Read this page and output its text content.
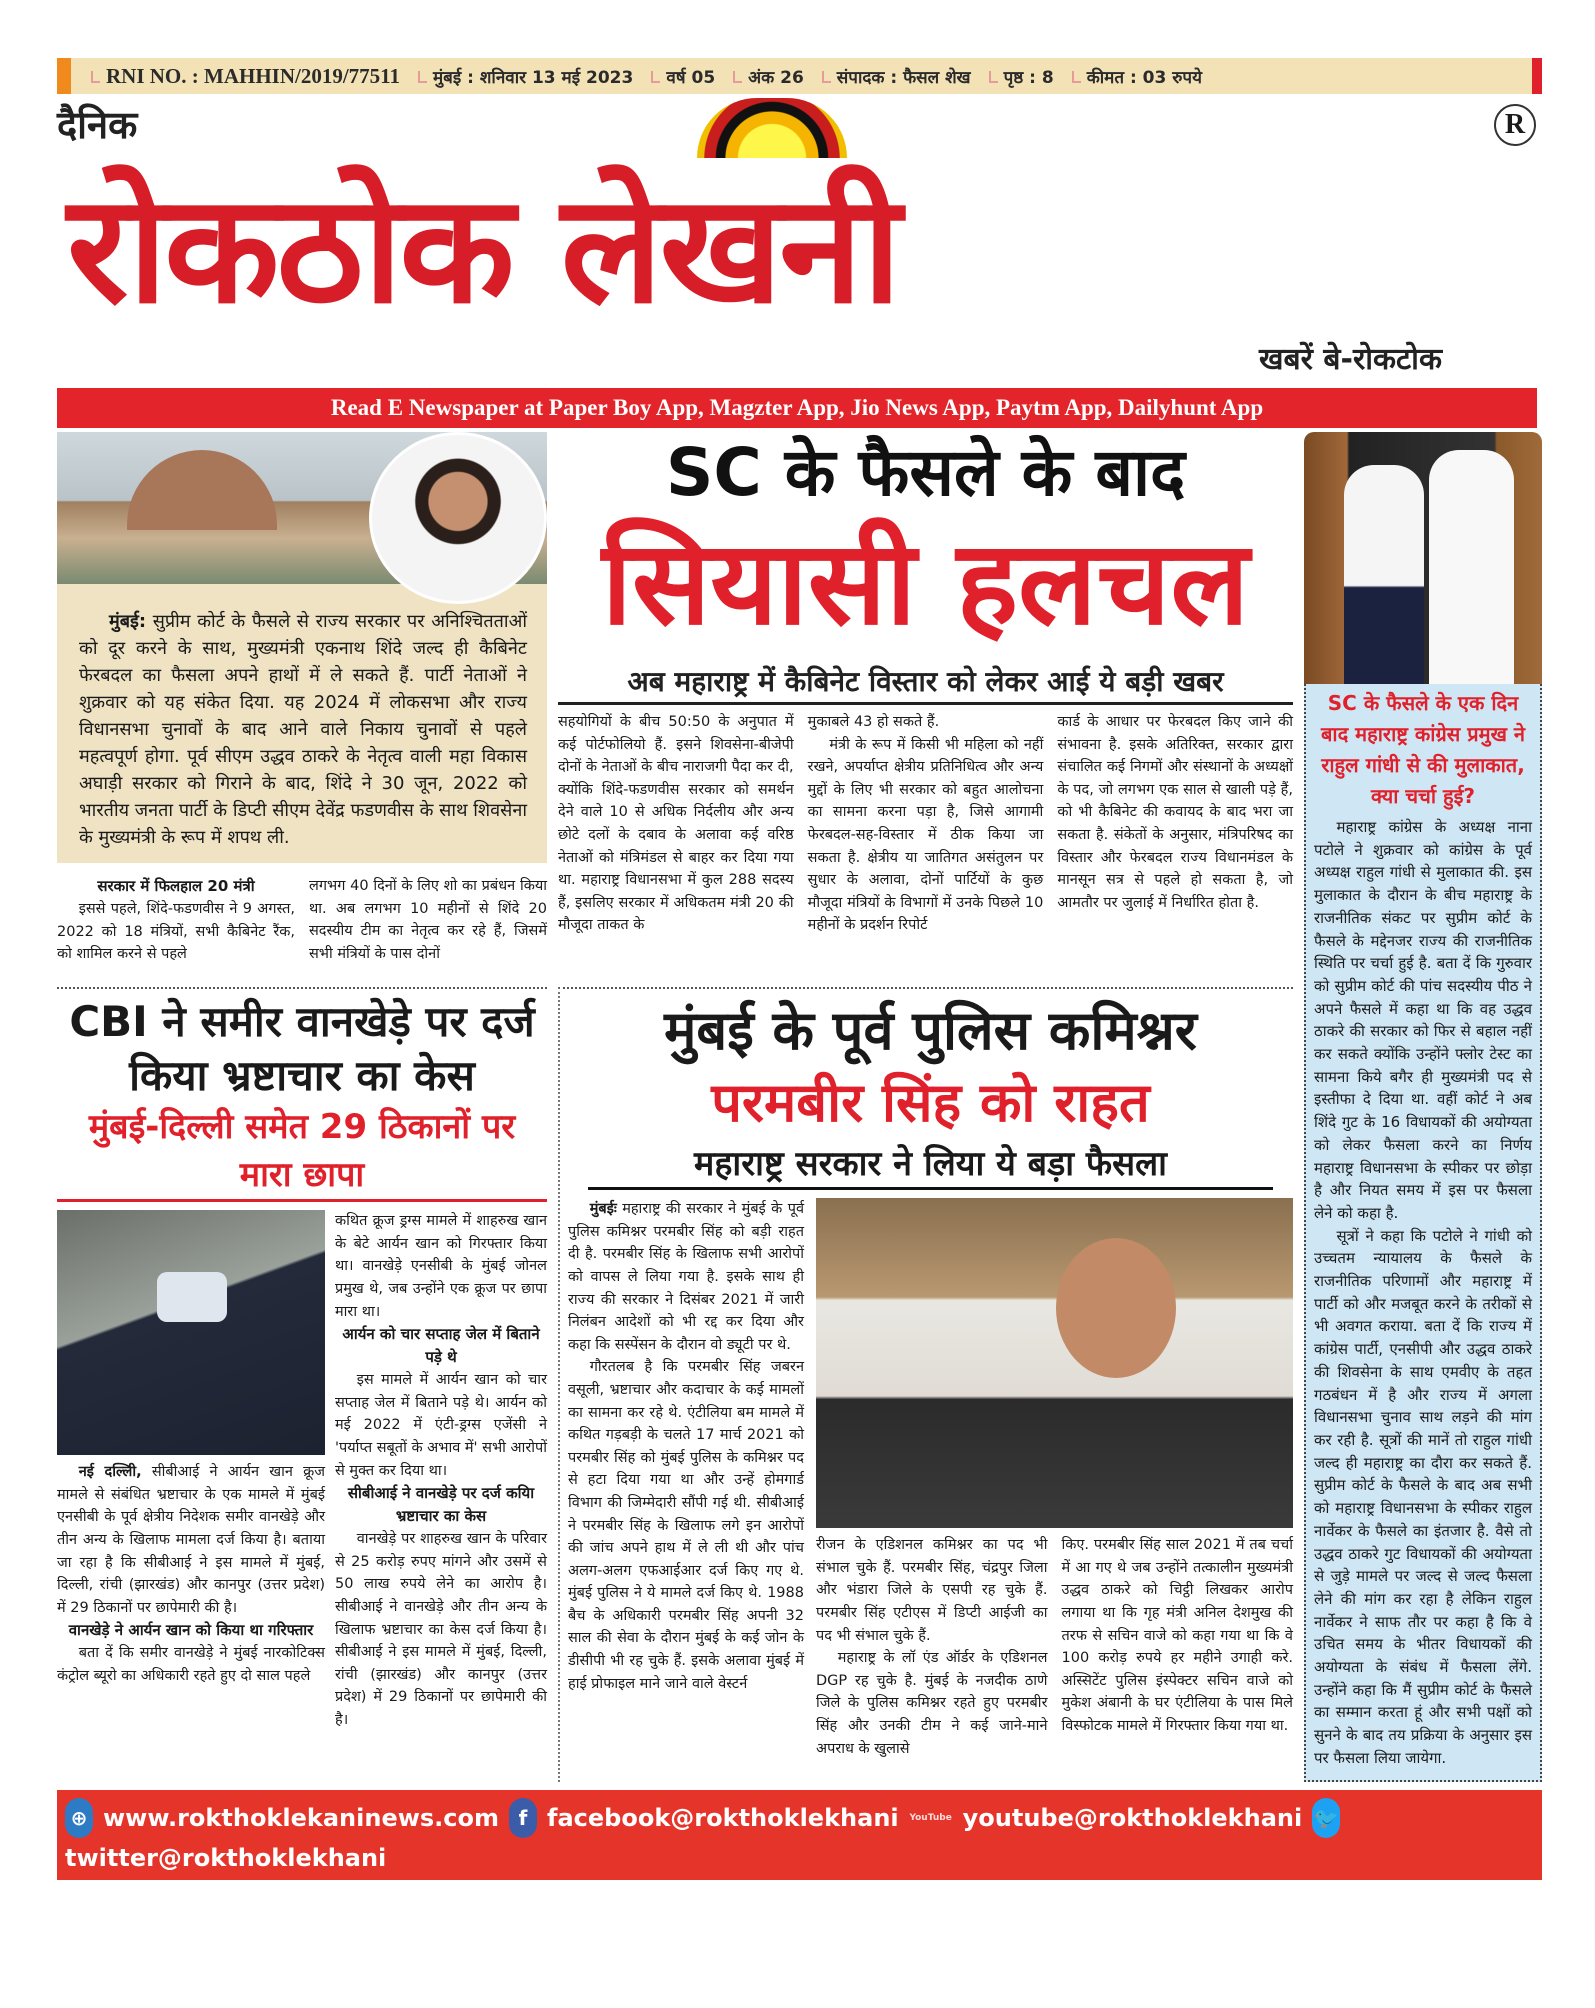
RNI NO. : MAHHIN/2019/77511	मुंबई : शनिवार 13 मई 2023	वर्ष 05	अंक 26	संपादक : फैसल शेख	पृष्ठ : 8	कीमत : 03 रुपये
दैनिक	R
रोकठोक लेखनी
खबरें बे-रोकटोक
Read E Newspaper at Paper Boy App, Magzter App, Jio News App, Paytm App, Dailyhunt App
मुंबई: सुप्रीम कोर्ट के फैसले से राज्य सरकार पर अनिश्चितताओं को दूर करने के साथ, मुख्यमंत्री एकनाथ शिंदे जल्द ही कैबिनेट फेरबदल का फैसला अपने हाथों में ले सकते हैं. पार्टी नेताओं ने शुक्रवार को यह संकेत दिया. यह 2024 में लोकसभा और राज्य विधानसभा चुनावों के बाद आने वाले निकाय चुनावों से पहले महत्वपूर्ण होगा. पूर्व सीएम उद्धव ठाकरे के नेतृत्व वाली महा विकास अघाड़ी सरकार को गिराने के बाद, शिंदे ने 30 जून, 2022 को भारतीय जनता पार्टी के डिप्टी सीएम देवेंद्र फडणवीस के साथ शिवसेना के मुख्यमंत्री के रूप में शपथ ली.
सरकार में फिलहाल 20 मंत्री

इससे पहले, शिंदे-फडणवीस ने 9 अगस्त, 2022 को 18 मंत्रियों, सभी कैबिनेट रैंक, को शामिल करने से पहले

लगभग 40 दिनों के लिए शो का प्रबंधन किया था. अब लगभग 10 महीनों से शिंदे 20 सदस्यीय टीम का नेतृत्व कर रहे हैं, जिसमें सभी मंत्रियों के पास दोनों

SC के फैसले के बाद
सियासी हलचल
अब महाराष्ट्र में कैबिनेट विस्तार को लेकर आई ये बड़ी खबर

सहयोगियों के बीच 50:50 के अनुपात में कई पोर्टफोलियो हैं. इसने शिवसेना-बीजेपी दोनों के नेताओं के बीच नाराजगी पैदा कर दी, क्योंकि शिंदे-फडणवीस सरकार को समर्थन देने वाले 10 से अधिक निर्दलीय और अन्य छोटे दलों के दबाव के अलावा कई वरिष्ठ नेताओं को मंत्रिमंडल से बाहर कर दिया गया था. महाराष्ट्र विधानसभा में कुल 288 सदस्य हैं, इसलिए सरकार में अधिकतम मंत्री 20 की मौजूदा ताकत के

मुकाबले 43 हो सकते हैं.

मंत्री के रूप में किसी भी महिला को नहीं रखने, अपर्याप्त क्षेत्रीय प्रतिनिधित्व और अन्य मुद्दों के लिए भी सरकार को बहुत आलोचना का सामना करना पड़ा है, जिसे आगामी फेरबदल-सह-विस्तार में ठीक किया जा सकता है. क्षेत्रीय या जातिगत असंतुलन पर सुधार के अलावा, दोनों पार्टियों के कुछ मौजूदा मंत्रियों के विभागों में उनके पिछले 10 महीनों के प्रदर्शन रिपोर्ट

कार्ड के आधार पर फेरबदल किए जाने की संभावना है. इसके अतिरिक्त, सरकार द्वारा संचालित कई निगमों और संस्थानों के अध्यक्षों के पद, जो लगभग एक साल से खाली पड़े हैं, को भी कैबिनेट की कवायद के बाद भरा जा सकता है. संकेतों के अनुसार, मंत्रिपरिषद का विस्तार और फेरबदल राज्य विधानमंडल के मानसून सत्र से पहले हो सकता है, जो आमतौर पर जुलाई में निर्धारित होता है.

CBI ने समीर वानखेड़े पर दर्ज किया भ्रष्टाचार का केस
मुंबई-दिल्ली समेत 29 ठिकानों पर मारा छापा

नई दल्लिी, सीबीआई ने आर्यन खान क्रूज मामले से संबंधित भ्रष्टाचार के एक मामले में मुंबई एनसीबी के पूर्व क्षेत्रीय निदेशक समीर वानखेड़े और तीन अन्य के खिलाफ मामला दर्ज किया है। बताया जा रहा है कि सीबीआई ने इस मामले में मुंबई, दिल्ली, रांची (झारखंड) और कानपुर (उत्तर प्रदेश) में 29 ठिकानों पर छापेमारी की है।

वानखेड़े ने आर्यन खान को किया था गरिफ्तार

बता दें कि समीर वानखेड़े ने मुंबई नारकोटिक्स कंट्रोल ब्यूरो का अधिकारी रहते हुए दो साल पहले

कथित क्रूज ड्रग्स मामले में शाहरुख खान के बेटे आर्यन खान को गिरफ्तार किया था। वानखेड़े एनसीबी के मुंबई जोनल प्रमुख थे, जब उन्होंने एक क्रूज पर छापा मारा था।

आर्यन को चार सप्ताह जेल में बिताने पड़े थे

इस मामले में आर्यन खान को चार सप्ताह जेल में बिताने पड़े थे। आर्यन को मई 2022 में एंटी-ड्रग्स एजेंसी ने 'पर्याप्त सबूतों के अभाव में' सभी आरोपों से मुक्त कर दिया था।

सीबीआई ने वानखेड़े पर दर्ज कयिा भ्रष्टाचार का केस

वानखेड़े पर शाहरुख खान के परिवार से 25 करोड़ रुपए मांगने और उसमें से 50 लाख रुपये लेने का आरोप है। सीबीआई ने वानखेड़े और तीन अन्य के खिलाफ भ्रष्टाचार का केस दर्ज किया है। सीबीआई ने इस मामले में मुंबई, दिल्ली, रांची (झारखंड) और कानपुर (उत्तर प्रदेश) में 29 ठिकानों पर छापेमारी की है।

मुंबई के पूर्व पुलिस कमिश्नर
परमबीर सिंह को राहत
महाराष्ट्र सरकार ने लिया ये बड़ा फैसला

मुंबईः महाराष्ट्र की सरकार ने मुंबई के पूर्व पुलिस कमिश्नर परमबीर सिंह को बड़ी राहत दी है. परमबीर सिंह के खिलाफ सभी आरोपों को वापस ले लिया गया है. इसके साथ ही राज्य की सरकार ने दिसंबर 2021 में जारी निलंबन आदेशों को भी रद्द कर दिया और कहा कि सस्पेंसन के दौरान वो ड्यूटी पर थे.

गौरतलब है कि परमबीर सिंह जबरन वसूली, भ्रष्टाचार और कदाचार के कई मामलों का सामना कर रहे थे. एंटीलिया बम मामले में कथित गड़बड़ी के चलते 17 मार्च 2021 को परमबीर सिंह को मुंबई पुलिस के कमिश्नर पद से हटा दिया गया था और उन्हें होमगार्ड विभाग की जिम्मेदारी सौंपी गई थी. सीबीआई ने परमबीर सिंह के खिलाफ लगे इन आरोपों की जांच अपने हाथ में ले ली थी और पांच अलग-अलग एफआईआर दर्ज किए गए थे. मुंबई पुलिस ने ये मामले दर्ज किए थे. 1988 बैच के अधिकारी परमबीर सिंह अपनी 32 साल की सेवा के दौरान मुंबई के कई जोन के डीसीपी भी रह चुके हैं. इसके अलावा मुंबई में हाई प्रोफाइल माने जाने वाले वेस्टर्न

रीजन के एडिशनल कमिश्नर का पद भी संभाल चुके हैं. परमबीर सिंह, चंद्रपुर जिला और भंडारा जिले के एसपी रह चुके हैं. परमबीर सिंह एटीएस में डिप्टी आईजी का पद भी संभाल चुके हैं.

महाराष्ट्र के लॉ एंड ऑर्डर के एडिशनल DGP रह चुके है. मुंबई के नजदीक ठाणे जिले के पुलिस कमिश्नर रहते हुए परमबीर सिंह और उनकी टीम ने कई जाने-माने अपराध के खुलासे

किए. परमबीर सिंह साल 2021 में तब चर्चा में आ गए थे जब उन्होंने तत्कालीन मुख्यमंत्री उद्धव ठाकरे को चिट्ठी लिखकर आरोप लगाया था कि गृह मंत्री अनिल देशमुख की तरफ से सचिन वाजे को कहा गया था कि वे 100 करोड़ रुपये हर महीने उगाही करे. अस्सिटेंट पुलिस इंस्पेक्टर सचिन वाजे को मुकेश अंबानी के घर एंटीलिया के पास मिले विस्फोटक मामले में गिरफ्तार किया गया था.

SC के फैसले के एक दिन बाद महाराष्ट्र कांग्रेस प्रमुख ने राहुल गांधी से की मुलाकात, क्या चर्चा हुई?

महाराष्ट्र कांग्रेस के अध्यक्ष नाना पटोले ने शुक्रवार को कांग्रेस के पूर्व अध्यक्ष राहुल गांधी से मुलाकात की. इस मुलाकात के दौरान के बीच महाराष्ट्र के राजनीतिक संकट पर सुप्रीम कोर्ट के फैसले के मद्देनजर राज्य की राजनीतिक स्थिति पर चर्चा हुई है. बता दें कि गुरुवार को सुप्रीम कोर्ट की पांच सदस्यीय पीठ ने अपने फैसले में कहा था कि वह उद्धव ठाकरे की सरकार को फिर से बहाल नहीं कर सकते क्योंकि उन्होंने फ्लोर टेस्ट का सामना किये बगैर ही मुख्यमंत्री पद से इस्तीफा दे दिया था. वहीं कोर्ट ने अब शिंदे गुट के 16 विधायकों की अयोग्यता को लेकर फैसला करने का निर्णय महाराष्ट्र विधानसभा के स्पीकर पर छोड़ा है और नियत समय में इस पर फैसला लेने को कहा है.

सूत्रों ने कहा कि पटोले ने गांधी को उच्चतम न्यायालय के फैसले के राजनीतिक परिणामों और महाराष्ट्र में पार्टी को और मजबूत करने के तरीकों से भी अवगत कराया. बता दें कि राज्य में कांग्रेस पार्टी, एनसीपी और उद्धव ठाकरे की शिवसेना के साथ एमवीए के तहत गठबंधन में है और राज्य में अगला विधानसभा चुनाव साथ लड़ने की मांग कर रही है. सूत्रों की मानें तो राहुल गांधी जल्द ही महाराष्ट्र का दौरा कर सकते हैं. सुप्रीम कोर्ट के फैसले के बाद अब सभी को महाराष्ट्र विधानसभा के स्पीकर राहुल नार्वेकर के फैसले का इंतजार है. वैसे तो उद्धव ठाकरे गुट विधायकों की अयोग्यता से जुड़े मामले पर जल्द से जल्द फैसला लेने की मांग कर रहा है लेकिन राहुल नार्वेकर ने साफ तौर पर कहा है कि वे उचित समय के भीतर विधायकों की अयोग्यता के संबंध में फैसला लेंगे. उन्होंने कहा कि मैं सुप्रीम कोर्ट के फैसले का सम्मान करता हूं और सभी पक्षों को सुनने के बाद तय प्रक्रिया के अनुसार इस पर फैसला लिया जायेगा.

⊕ www.rokthoklekaninews.com f facebook@rokthoklekhani YouTube youtube@rokthoklekhani 🐦
twitter@rokthoklekhani
